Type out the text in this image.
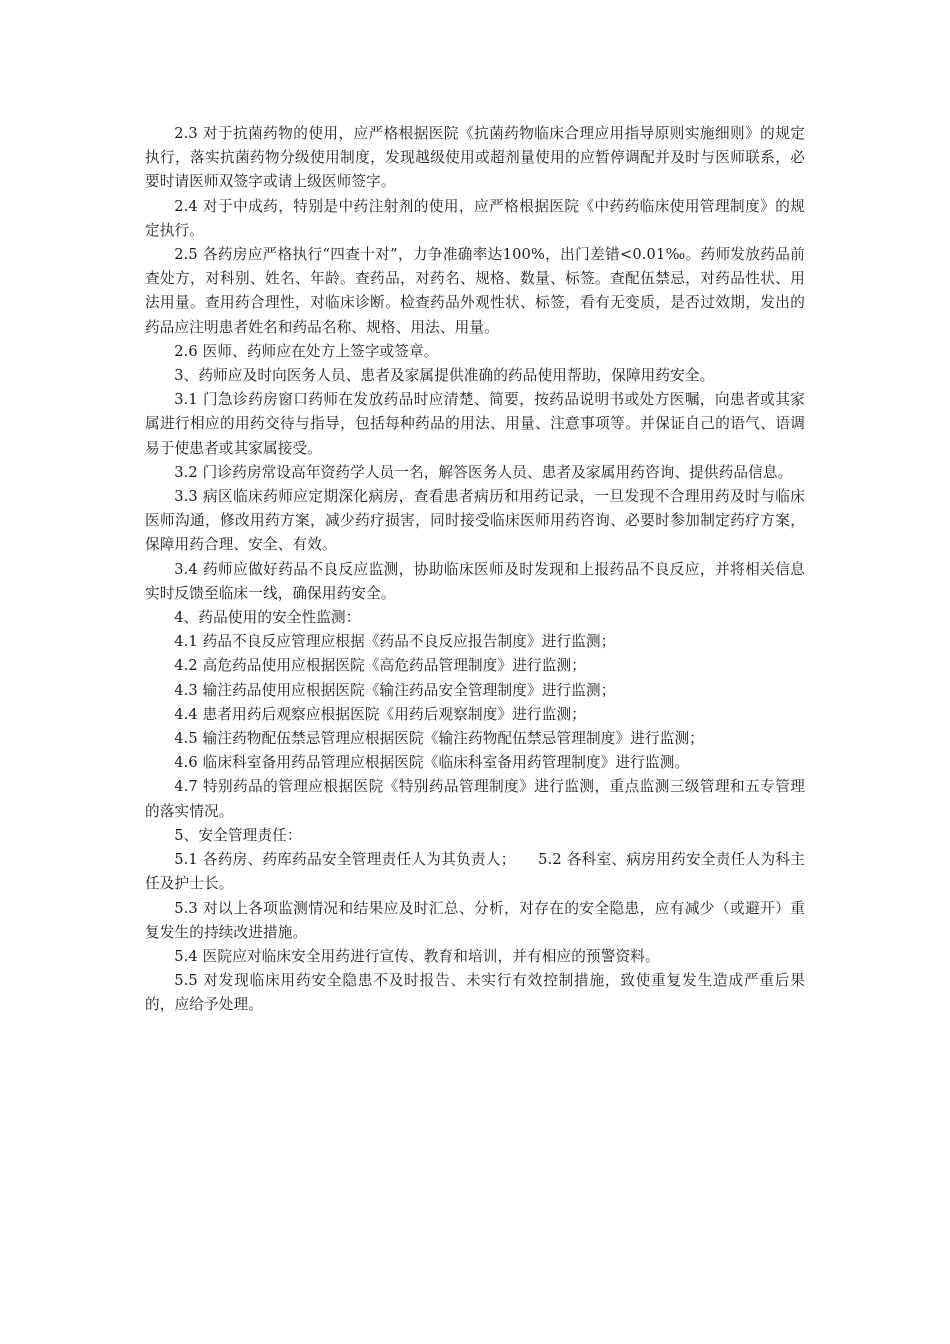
2.3 对于抗菌药物的使用，应严格根据医院《抗菌药物临床合理应用指导原则实施细则》的规定执行，落实抗菌药物分级使用制度，发现越级使用或超剂量使用的应暂停调配并及时与医师联系，必要时请医师双签字或请上级医师签字。

2.4 对于中成药，特别是中药注射剂的使用，应严格根据医院《中药药临床使用管理制度》的规定执行。

2.5 各药房应严格执行“四查十对”，力争准确率达100%，出门差错<0.01‰。药师发放药品前查处方，对科别、姓名、年龄。查药品，对药名、规格、数量、标签。查配伍禁忌，对药品性状、用法用量。查用药合理性，对临床诊断。检查药品外观性状、标签，看有无变质，是否过效期，发出的药品应注明患者姓名和药品名称、规格、用法、用量。

2.6 医师、药师应在处方上签字或签章。

3、药师应及时向医务人员、患者及家属提供准确的药品使用帮助，保障用药安全。

3.1 门急诊药房窗口药师在发放药品时应清楚、简要，按药品说明书或处方医嘱，向患者或其家属进行相应的用药交待与指导，包括每种药品的用法、用量、注意事项等。并保证自己的语气、语调易于使患者或其家属接受。

3.2 门诊药房常设高年资药学人员一名，解答医务人员、患者及家属用药咨询、提供药品信息。

3.3 病区临床药师应定期深化病房，查看患者病历和用药记录，一旦发现不合理用药及时与临床医师沟通，修改用药方案，减少药疗损害，同时接受临床医师用药咨询、必要时参加制定药疗方案，保障用药合理、安全、有效。

3.4 药师应做好药品不良反应监测，协助临床医师及时发现和上报药品不良反应，并将相关信息实时反馈至临床一线，确保用药安全。

4、药品使用的安全性监测：

4.1 药品不良反应管理应根据《药品不良反应报告制度》进行监测；

4.2 高危药品使用应根据医院《高危药品管理制度》进行监测；

4.3 输注药品使用应根据医院《输注药品安全管理制度》进行监测；

4.4 患者用药后观察应根据医院《用药后观察制度》进行监测；

4.5 输注药物配伍禁忌管理应根据医院《输注药物配伍禁忌管理制度》进行监测；

4.6 临床科室备用药品管理应根据医院《临床科室备用药管理制度》进行监测。

4.7 特别药品的管理应根据医院《特别药品管理制度》进行监测，重点监测三级管理和五专管理的落实情况。

5、安全管理责任：

5.1 各药房、药库药品安全管理责任人为其负责人；　　5.2 各科室、病房用药安全责任人为科主任及护士长。

5.3 对以上各项监测情况和结果应及时汇总、分析，对存在的安全隐患，应有减少（或避开）重复发生的持续改进措施。

5.4 医院应对临床安全用药进行宣传、教育和培训，并有相应的预警资料。

5.5 对发现临床用药安全隐患不及时报告、未实行有效控制措施，致使重复发生造成严重后果的，应给予处理。
